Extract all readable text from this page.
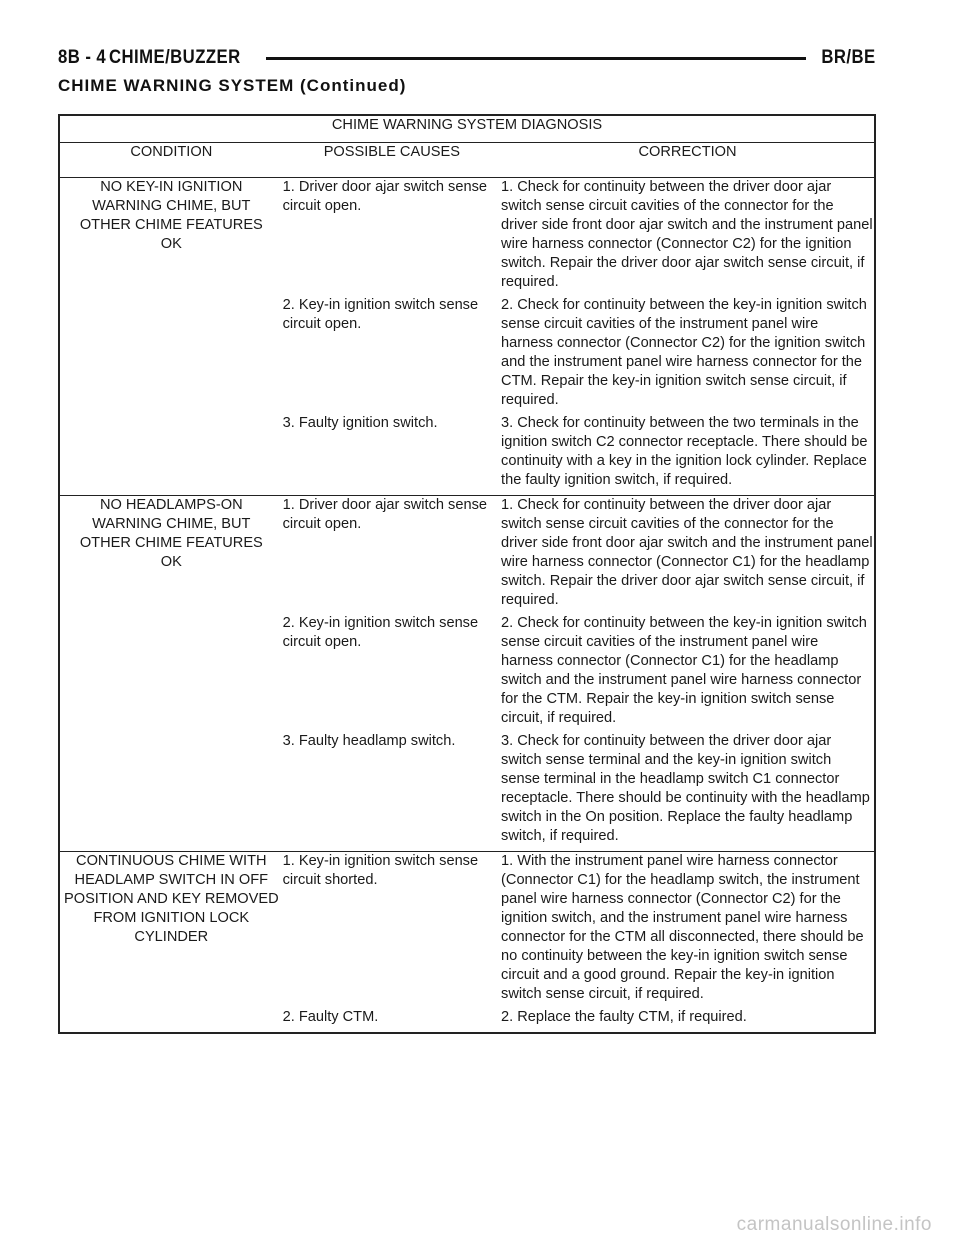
8B - 4 CHIME/BUZZER	BR/BE
CHIME WARNING SYSTEM (Continued)
CHIME WARNING SYSTEM DIAGNOSIS		
CONDITION	POSSIBLE CAUSES	CORRECTION

NO KEY-IN IGNITION WARNING CHIME, BUT OTHER CHIME FEATURES OK	1. Driver door ajar switch sense circuit open.	1. Check for continuity between the driver door ajar switch sense circuit cavities of the connector for the driver side front door ajar switch and the instrument panel wire harness connector (Connector C2) for the ignition switch. Repair the driver door ajar switch sense circuit, if required.
	2. Key-in ignition switch sense circuit open.	2. Check for continuity between the key-in ignition switch sense circuit cavities of the instrument panel wire harness connector (Connector C2) for the ignition switch and the instrument panel wire harness connector for the CTM. Repair the key-in ignition switch sense circuit, if required.
	3. Faulty ignition switch.	3. Check for continuity between the two terminals in the ignition switch C2 connector receptacle. There should be continuity with a key in the ignition lock cylinder. Replace the faulty ignition switch, if required.

NO HEADLAMPS-ON WARNING CHIME, BUT OTHER CHIME FEATURES OK	1. Driver door ajar switch sense circuit open.	1. Check for continuity between the driver door ajar switch sense circuit cavities of the connector for the driver side front door ajar switch and the instrument panel wire harness connector (Connector C1) for the headlamp switch. Repair the driver door ajar switch sense circuit, if required.
	2. Key-in ignition switch sense circuit open.	2. Check for continuity between the key-in ignition switch sense circuit cavities of the instrument panel wire harness connector (Connector C1) for the headlamp switch and the instrument panel wire harness connector for the CTM. Repair the key-in ignition switch sense circuit, if required.
	3. Faulty headlamp switch.	3. Check for continuity between the driver door ajar switch sense terminal and the key-in ignition switch sense terminal in the headlamp switch C1 connector receptacle. There should be continuity with the headlamp switch in the On position. Replace the faulty headlamp switch, if required.

CONTINUOUS CHIME WITH HEADLAMP SWITCH IN OFF POSITION AND KEY REMOVED FROM IGNITION LOCK CYLINDER	1. Key-in ignition switch sense circuit shorted.	1. With the instrument panel wire harness connector (Connector C1) for the headlamp switch, the instrument panel wire harness connector (Connector C2) for the ignition switch, and the instrument panel wire harness connector for the CTM all disconnected, there should be no continuity between the key-in ignition switch sense circuit and a good ground. Repair the key-in ignition switch sense circuit, if required.
	2. Faulty CTM.	2. Replace the faulty CTM, if required.
carmanualsonline.info
